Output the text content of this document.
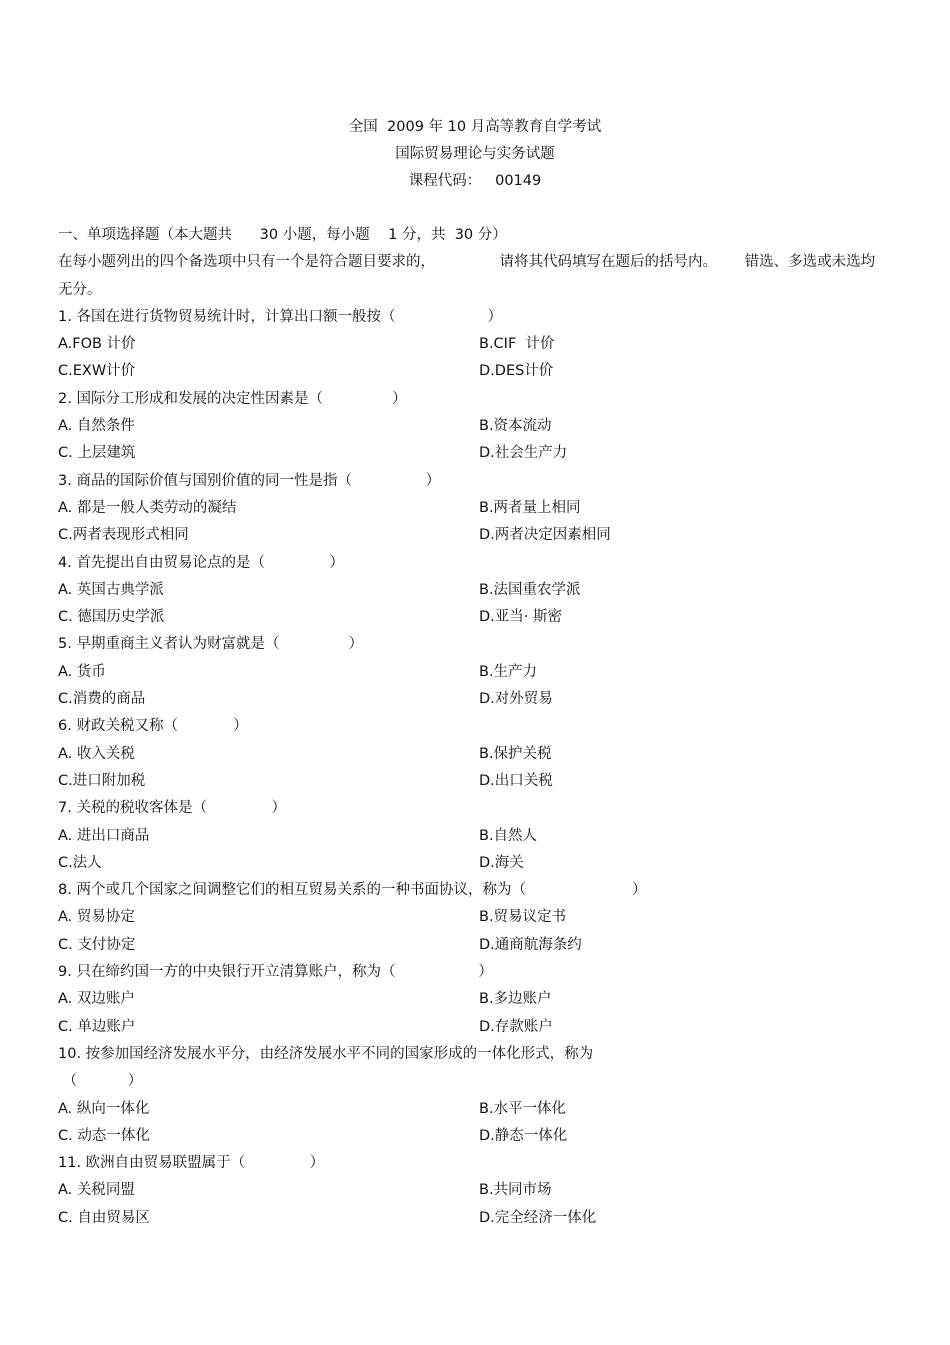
全国  2009 年 10 月高等教育自学考试
国际贸易理论与实务试题
课程代码：   00149
一、单项选择题（本大题共      30 小题，每小题    1 分，共  30 分）
在每小题列出的四个备选项中只有一个是符合题目要求的，              请将其代码填写在题后的括号内。      错选、多选或未选均
无分。
1. 各国在进行货物贸易统计时，计算出口额一般按（                    ）
A.FOB 计价	B.CIF  计价
C.EXW计价	D.DES计价
2. 国际分工形成和发展的决定性因素是（               ）
A. 自然条件	B.资本流动
C. 上层建筑	D.社会生产力
3. 商品的国际价值与国别价值的同一性是指（                ）
A. 都是一般人类劳动的凝结	B.两者量上相同
C.两者表现形式相同	D.两者决定因素相同
4. 首先提出自由贸易论点的是（              ）
A. 英国古典学派	B.法国重农学派
C. 德国历史学派	D.亚当· 斯密
5. 早期重商主义者认为财富就是（               ）
A. 货币	B.生产力
C.消费的商品	D.对外贸易
6. 财政关税又称（            ）
A. 收入关税	B.保护关税
C.进口附加税	D.出口关税
7. 关税的税收客体是（              ）
A. 进出口商品	B.自然人
C.法人	D.海关
8. 两个或几个国家之间调整它们的相互贸易关系的一种书面协议，称为（                       ）
A. 贸易协定	B.贸易议定书
C. 支付协定	D.通商航海条约
9. 只在缔约国一方的中央银行开立清算账户，称为（                  ）
A. 双边账户	B.多边账户
C. 单边账户	D.存款账户
10. 按参加国经济发展水平分，由经济发展水平不同的国家形成的一体化形式，称为
（           ）
A. 纵向一体化	B.水平一体化
C. 动态一体化	D.静态一体化
11. 欧洲自由贸易联盟属于（              ）
A. 关税同盟	B.共同市场
C. 自由贸易区	D.完全经济一体化
